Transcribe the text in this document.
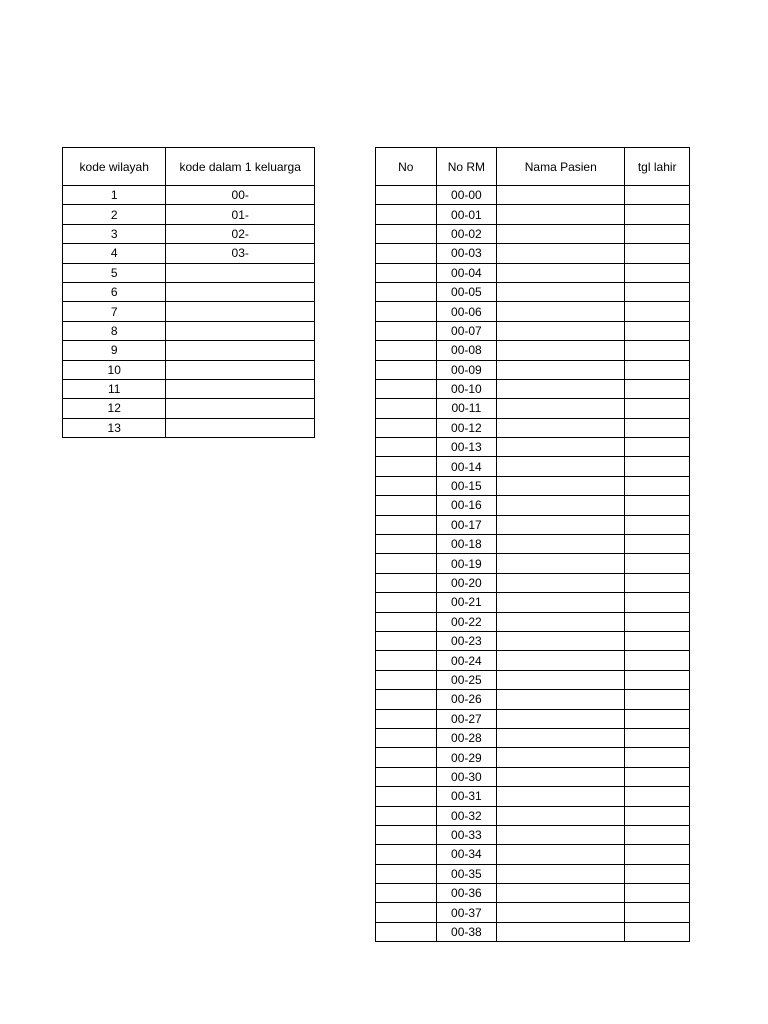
kode wilayah	kode dalam 1 keluarga
1	00-
2	01-
3	02-
4	03-
5	
6	
7	
8	
9	
10	
11	
12	
13	
No	No RM	Nama Pasien	tgl lahir
	00-00		
	00-01		
	00-02		
	00-03		
	00-04		
	00-05		
	00-06		
	00-07		
	00-08		
	00-09		
	00-10		
	00-11		
	00-12		
	00-13		
	00-14		
	00-15		
	00-16		
	00-17		
	00-18		
	00-19		
	00-20		
	00-21		
	00-22		
	00-23		
	00-24		
	00-25		
	00-26		
	00-27		
	00-28		
	00-29		
	00-30		
	00-31		
	00-32		
	00-33		
	00-34		
	00-35		
	00-36		
	00-37		
	00-38		
